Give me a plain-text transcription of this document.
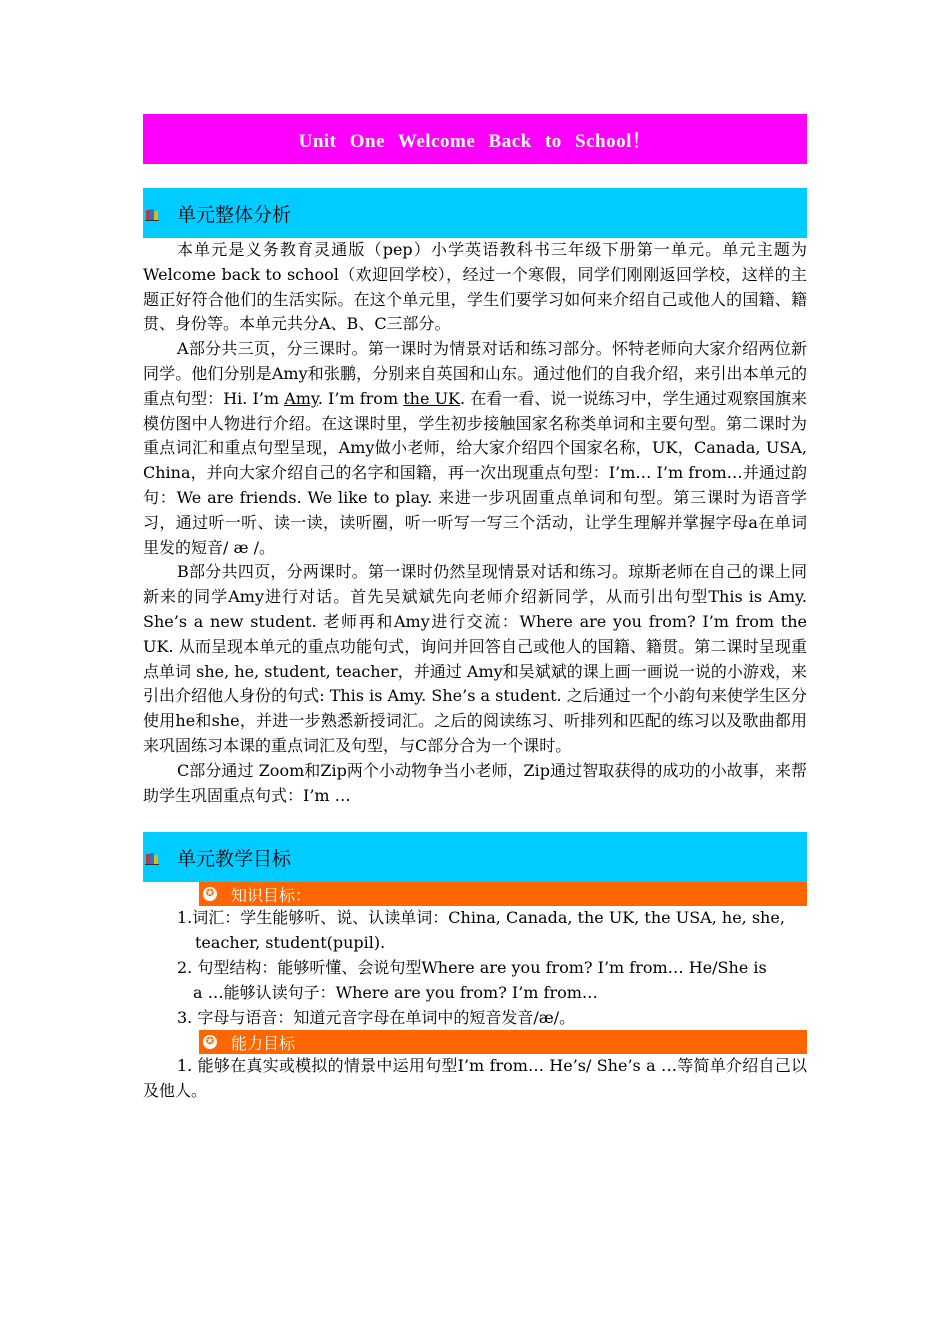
Unit One Welcome Back to School！
单元整体分析

本单元是义务教育灵通版（pep）小学英语教科书三年级下册第一单元。单元主题为Welcome back to school（欢迎回学校），经过一个寒假，同学们刚刚返回学校，这样的主题正好符合他们的生活实际。在这个单元里，学生们要学习如何来介绍自己或他人的国籍、籍贯、身份等。本单元共分A、B、C三部分。

A部分共三页，分三课时。第一课时为情景对话和练习部分。怀特老师向大家介绍两位新同学。他们分别是Amy和张鹏，分别来自英国和山东。通过他们的自我介绍，来引出本单元的重点句型：Hi. I’m Amy. I’m from the UK. 在看一看、说一说练习中，学生通过观察国旗来模仿图中人物进行介绍。在这课时里，学生初步接触国家名称类单词和主要句型。第二课时为重点词汇和重点句型呈现，Amy做小老师，给大家介绍四个国家名称，UK，Canada, USA, China，并向大家介绍自己的名字和国籍，再一次出现重点句型：I’m… I’m from…并通过韵句：We are friends. We like to play. 来进一步巩固重点单词和句型。第三课时为语音学习，通过听一听、读一读，读听圈，听一听写一写三个活动，让学生理解并掌握字母a在单词里发的短音/ æ /。

B部分共四页，分两课时。第一课时仍然呈现情景对话和练习。琼斯老师在自己的课上同新来的同学Amy进行对话。首先吴斌斌先向老师介绍新同学，从而引出句型This is Amy. She’s a new student. 老师再和Amy进行交流：Where are you from? I’m from the UK. 从而呈现本单元的重点功能句式，询问并回答自己或他人的国籍、籍贯。第二课时呈现重点单词 she, he, student, teacher，并通过 Amy和吴斌斌的课上画一画说一说的小游戏，来引出介绍他人身份的句式: This is Amy. She’s a student. 之后通过一个小韵句来使学生区分使用he和she，并进一步熟悉新授词汇。之后的阅读练习、听排列和匹配的练习以及歌曲都用来巩固练习本课的重点词汇及句型，与C部分合为一个课时。

C部分通过 Zoom和Zip两个小动物争当小老师，Zip通过智取获得的成功的小故事，来帮助学生巩固重点句式：I’m …

单元教学目标
✪ 知识目标：

1.词汇：学生能够听、说、认读单词：China, Canada, the UK, the USA, he, she,

teacher, student(pupil).

2. 句型结构：能够听懂、会说句型Where are you from? I’m from… He/She is

a …能够认读句子：Where are you from? I’m from…

3. 字母与语音：知道元音字母在单词中的短音发音/æ/。

✪ 能力目标

1. 能够在真实或模拟的情景中运用句型I’m from… He’s/ She’s a …等简单介绍自己以及他人。
